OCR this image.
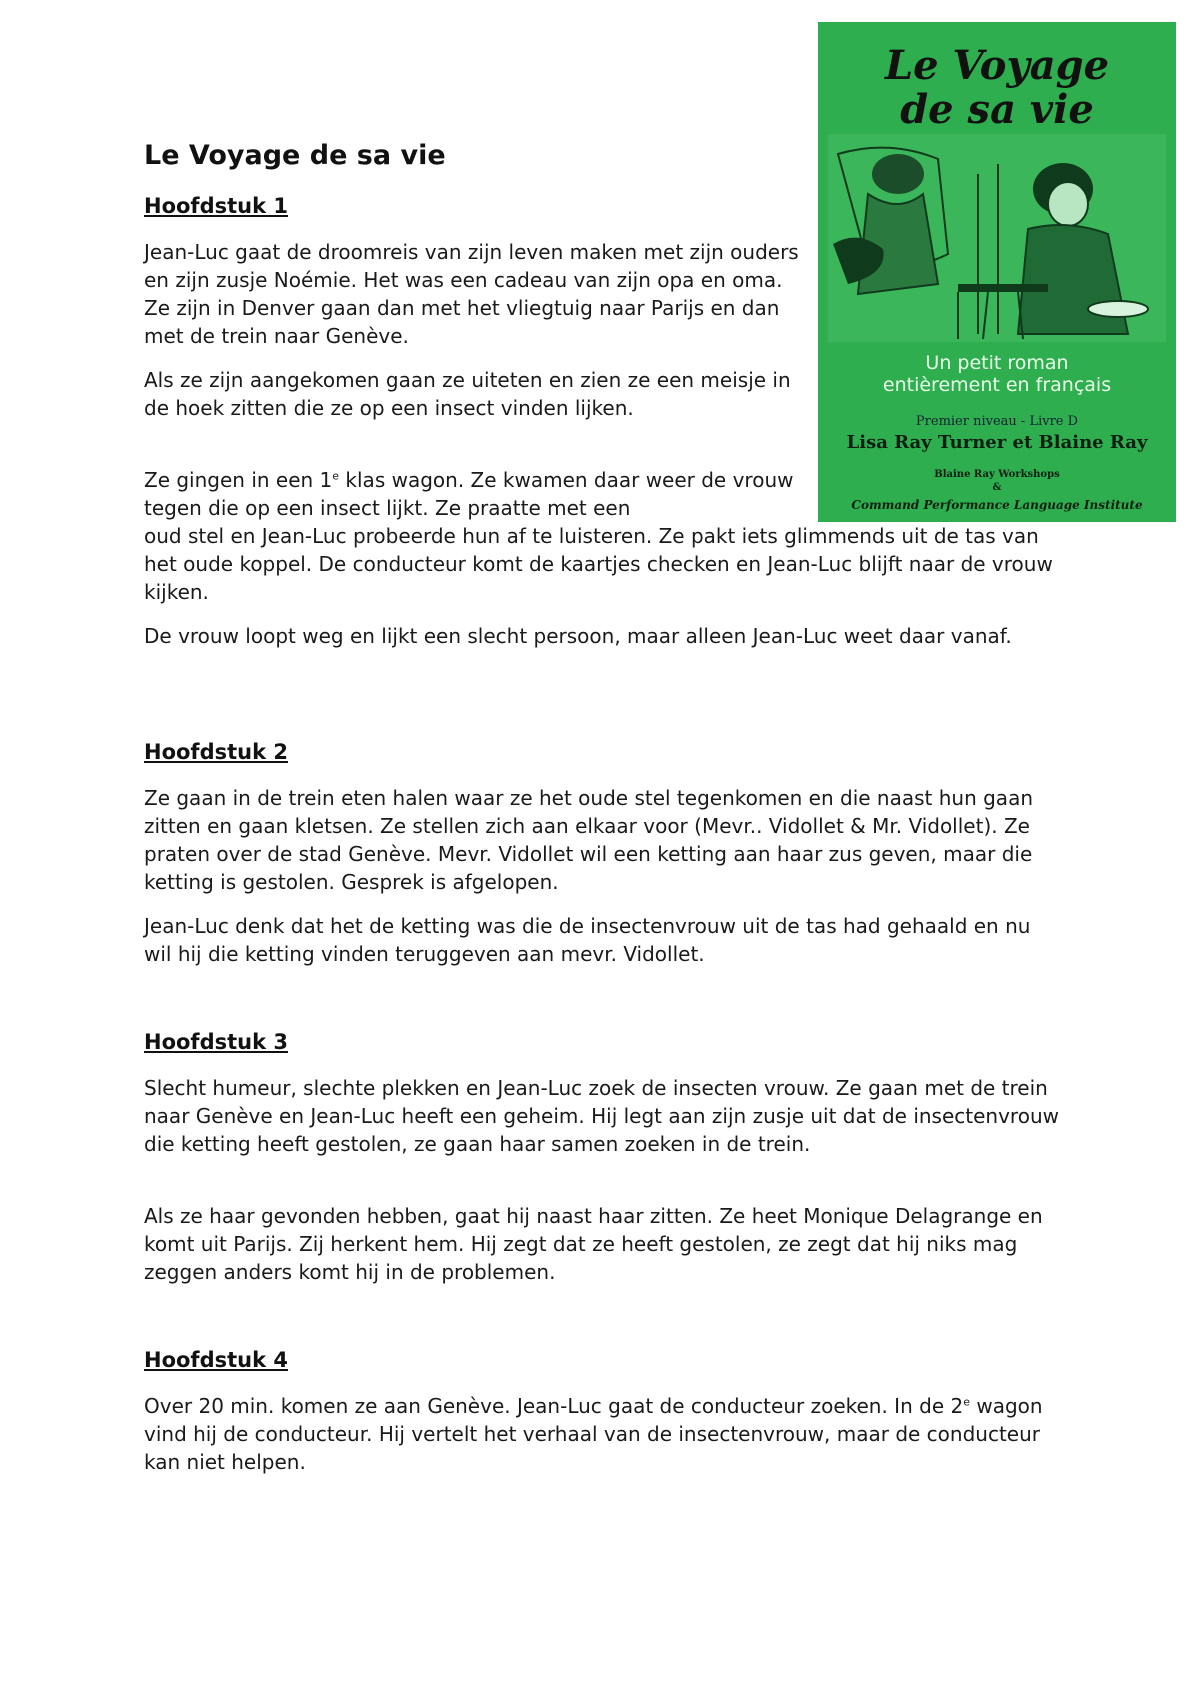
Le Voyage
de sa vie
Un petit roman
entièrement en français
Premier niveau - Livre D
Lisa Ray Turner et Blaine Ray
Blaine Ray Workshops
&
Command Performance Language Institute
Le Voyage de sa vie
Hoofdstuk 1

Jean-Luc gaat de droomreis van zijn leven maken met zijn ouders en zijn zusje Noémie. Het was een cadeau van zijn opa en oma. Ze zijn in Denver gaan dan met het vliegtuig naar Parijs en dan met de trein naar Genève.

Als ze zijn aangekomen gaan ze uiteten en zien ze een meisje in de hoek zitten die ze op een insect vinden lijken.

Ze gingen in een 1e klas wagon. Ze kwamen daar weer de vrouw tegen die op een insect lijkt. Ze praatte met een

oud stel en Jean-Luc probeerde hun af te luisteren. Ze pakt iets glimmends uit de tas van het oude koppel. De conducteur komt de kaartjes checken en Jean-Luc blijft naar de vrouw kijken.

De vrouw loopt weg en lijkt een slecht persoon, maar alleen Jean-Luc weet daar vanaf.

Hoofdstuk 2

Ze gaan in de trein eten halen waar ze het oude stel tegenkomen en die naast hun gaan zitten en gaan kletsen. Ze stellen zich aan elkaar voor (Mevr.. Vidollet & Mr. Vidollet). Ze praten over de stad Genève. Mevr. Vidollet wil een ketting aan haar zus geven, maar die ketting is gestolen. Gesprek is afgelopen.

Jean-Luc denk dat het de ketting was die de insectenvrouw uit de tas had gehaald en nu wil hij die ketting vinden teruggeven aan mevr. Vidollet.

Hoofdstuk 3

Slecht humeur, slechte plekken en Jean-Luc zoek de insecten vrouw. Ze gaan met de trein naar Genève en Jean-Luc heeft een geheim. Hij legt aan zijn zusje uit dat de insectenvrouw die ketting heeft gestolen, ze gaan haar samen zoeken in de trein.

Als ze haar gevonden hebben, gaat hij naast haar zitten. Ze heet Monique Delagrange en komt uit Parijs. Zij herkent hem. Hij zegt dat ze heeft gestolen, ze zegt dat hij niks mag zeggen anders komt hij in de problemen.

Hoofdstuk 4

Over 20 min. komen ze aan Genève. Jean-Luc gaat de conducteur zoeken. In de 2e wagon vind hij de conducteur. Hij vertelt het verhaal van de insectenvrouw, maar de conducteur kan niet helpen.
